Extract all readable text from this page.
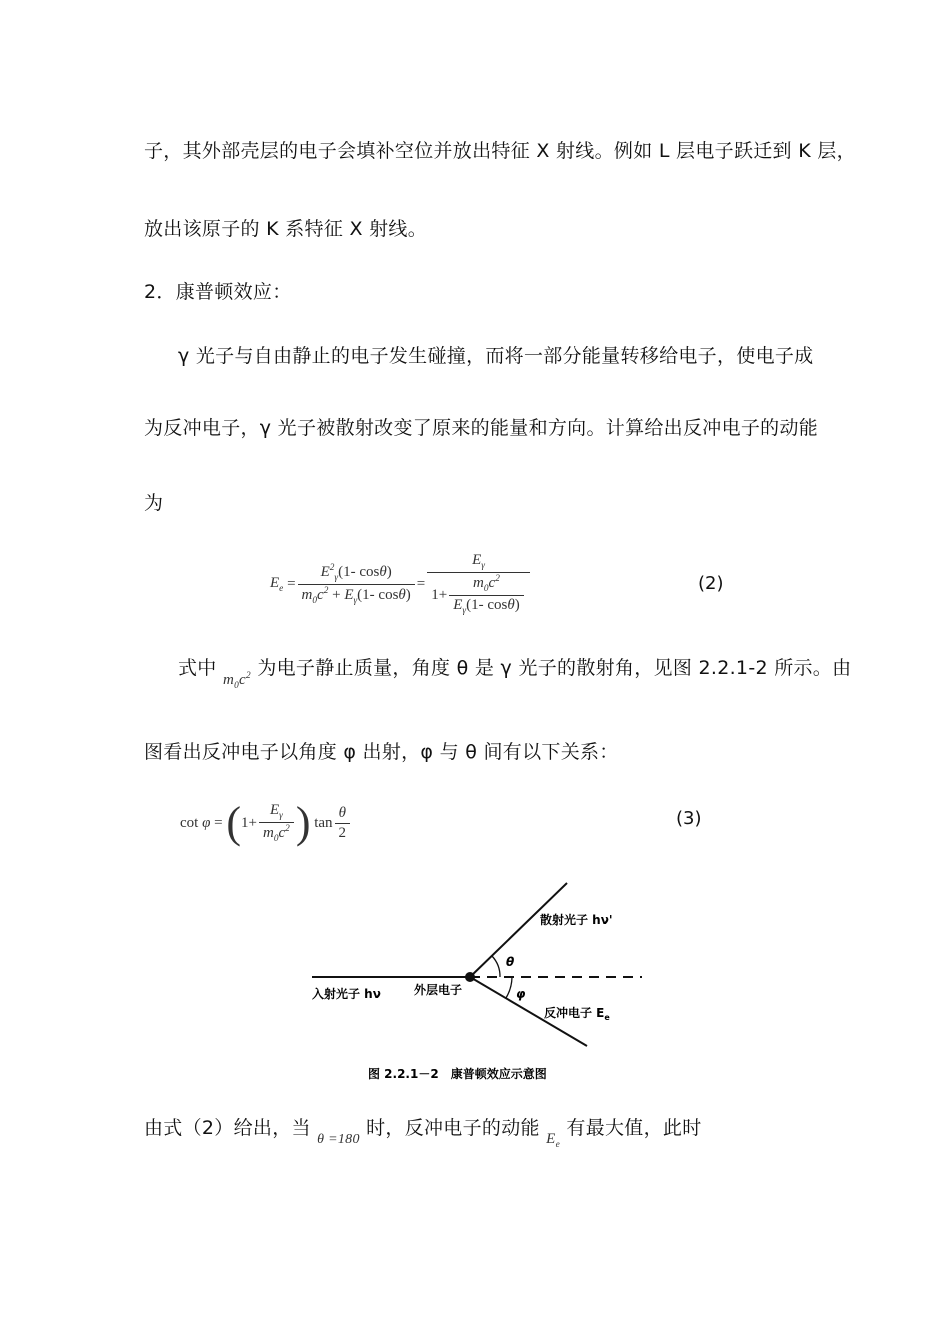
子，其外部壳层的电子会填补空位并放出特征 X 射线。例如 L 层电子跃迁到 K 层，
放出该原子的 K 系特征 X 射线。
2．康普顿效应：
γ 光子与自由静止的电子发生碰撞，而将一部分能量转移给电子，使电子成
为反冲电子，γ 光子被散射改变了原来的能量和方向。计算给出反冲电子的动能
为
$E_e = \frac{E^2_\gamma(1- \cos\theta)}{m_0c^2 + E_\gamma(1- \cos\theta)} = \frac{E_\gamma}{1+ \frac{m_0c^2}{E_\gamma(1- \cos\theta)}}$	(2)
式中 $_{m_0c^2}$ 为电子静止质量，角度 θ 是 γ 光子的散射角，见图 2.2.1-2 所示。由
图看出反冲电子以角度 φ 出射，φ 与 θ 间有以下关系：
cot φ = ( $1+ \frac{E_\gamma}{m_0c^2}$ ) $\tan \frac{\theta}{2}$	(3)
θ
φ
散射光子 hν'
入射光子 hν	外层电子
反冲电子 $E_e$
图 2.2.1－2　康普顿效应示意图
由式（2）给出，当 $_{\theta =180}$ 时，反冲电子的动能 $_{E_e}$ 有最大值，此时
